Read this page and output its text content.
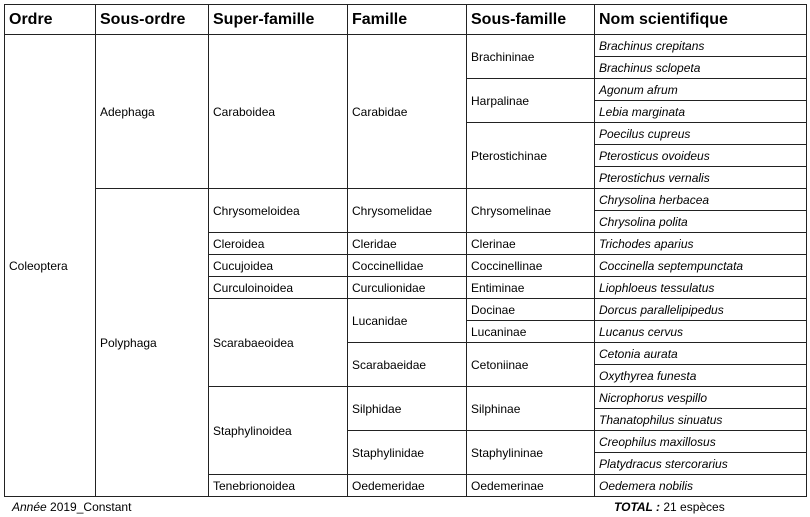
Ordre	Sous-ordre	Super-famille	Famille	Sous-famille	Nom scientifique
Coleoptera	Adephaga	Caraboidea	Carabidae	Brachininae	Brachinus crepitans
					Brachinus sclopeta
				Harpalinae	Agonum afrum
					Lebia marginata
				Pterostichinae	Poecilus cupreus
					Pterosticus ovoideus
					Pterostichus vernalis
	Polyphaga	Chrysomeloidea	Chrysomelidae	Chrysomelinae	Chrysolina herbacea
					Chrysolina polita
		Cleroidea	Cleridae	Clerinae	Trichodes aparius
		Cucujoidea	Coccinellidae	Coccinellinae	Coccinella septempunctata
		Curculoinoidea	Curculionidae	Entiminae	Liophloeus tessulatus
		Scarabaeoidea	Lucanidae	Docinae	Dorcus parallelipipedus
				Lucaninae	Lucanus cervus
			Scarabaeidae	Cetoniinae	Cetonia aurata
					Oxythyrea funesta
		Staphylinoidea	Silphidae	Silphinae	Nicrophorus vespillo
					Thanatophilus sinuatus
			Staphylinidae	Staphylininae	Creophilus maxillosus
					Platydracus stercorarius
		Tenebrionoidea	Oedemeridae	Oedemerinae	Oedemera nobilis
Année 2019_Constant	TOTAL : 21 espèces
